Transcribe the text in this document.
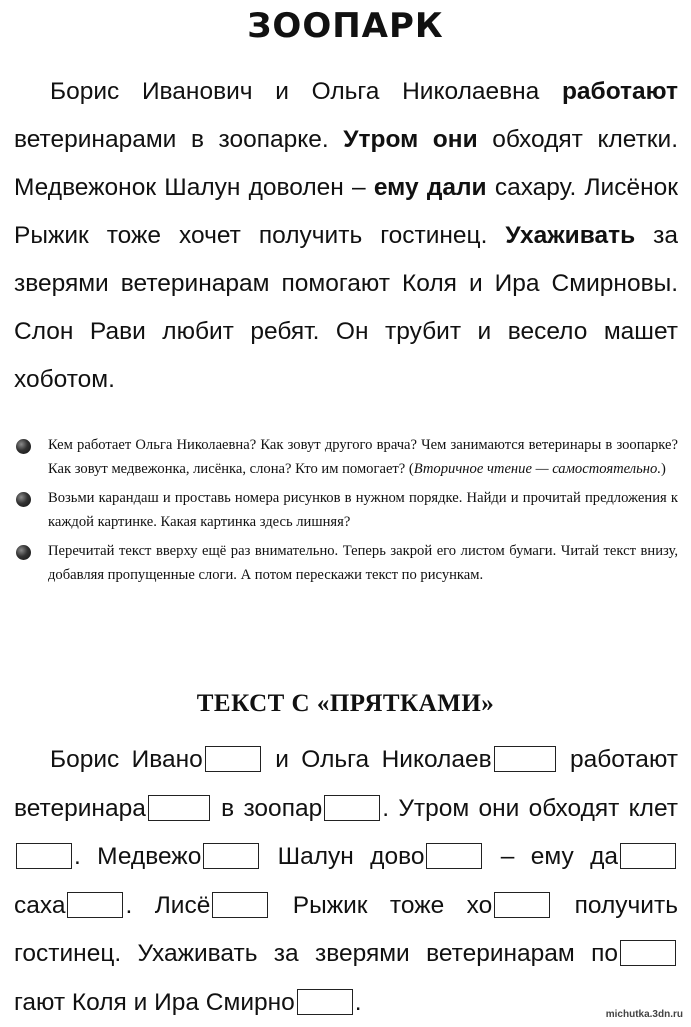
ЗООПАРК

Борис Иванович и Ольга Николаевна работают ветеринарами в зоопарке. Утром они обходят клетки. Медвежонок Шалун доволен – ему дали сахару. Лисёнок Рыжик тоже хочет получить гостинец. Ухаживать за зверями ветеринарам помогают Коля и Ира Смирновы. Слон Рави любит ребят. Он трубит и весело машет хоботом.

Кем работает Ольга Николаевна? Как зовут другого врача? Чем занимаются ветеринары в зоопарке? Как зовут медвежонка, лисёнка, слона? Кто им помогает? (Вторичное чтение — самостоятельно.)
Возьми карандаш и проставь номера рисунков в нужном порядке. Найди и прочитай предложения к каждой картинке. Какая картинка здесь лишняя?
Перечитай текст вверху ещё раз внимательно. Теперь закрой его листом бумаги. Читай текст внизу, добавляя пропущенные слоги. А потом перескажи текст по рисункам.
ТЕКСТ С «ПРЯТКАМИ»

Борис Ивано и Ольга Николаев	работают ветеринара	в зоопар . Утром они обходят клет. Медвежо Шалун дово – ему да саха . Лисё Рыжик тоже хо получить гостинец. Ухаживать за зверями ветеринарам погают Коля и Ира Смирно .	michutka.3dn.ru
